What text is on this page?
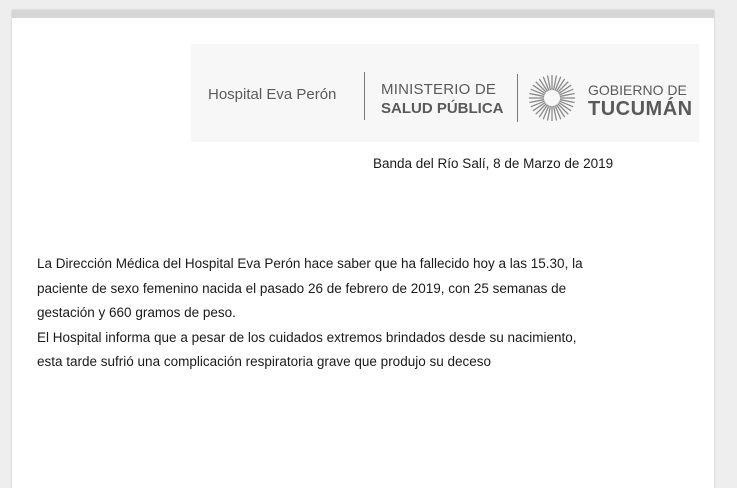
Hospital Eva Perón	MINISTERIO DE
SALUD PÚBLICA
GOBIERNO DE
TUCUMÁN
Banda del Río Salí, 8 de Marzo de 2019

La Dirección Médica del Hospital Eva Perón hace saber que ha fallecido hoy a las 15.30, la
paciente de sexo femenino nacida el pasado 26 de febrero de 2019, con 25 semanas de
gestación y 660 gramos de peso.
El Hospital informa que a pesar de los cuidados extremos brindados desde su nacimiento,
esta tarde sufrió una complicación respiratoria grave que produjo su deceso
